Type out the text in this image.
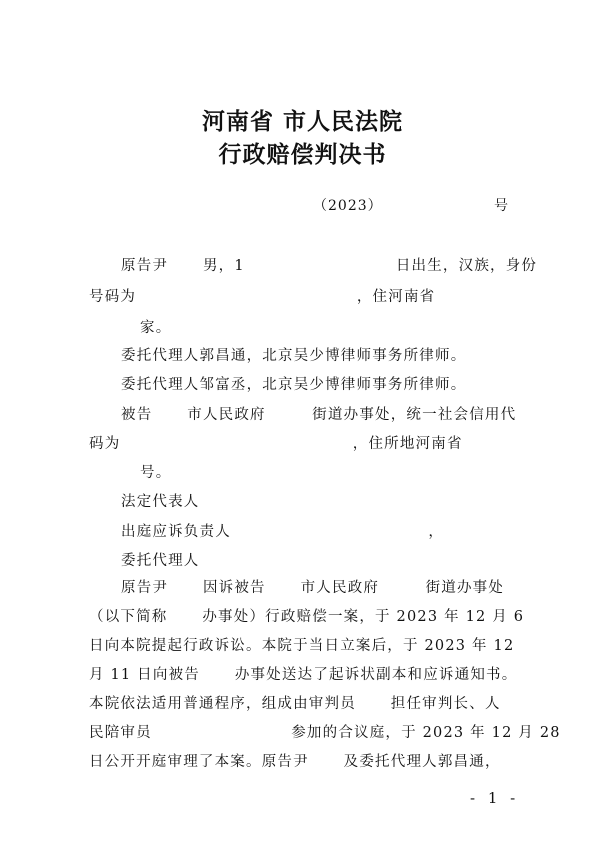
河南省 市人民法院
行政赔偿判决书
（2023）	号
原告尹      男，1                          日出生，汉族，身份
号码为                                      ，住河南省
家。
委托代理人郭昌通，北京吴少博律师事务所律师。
委托代理人邹富丞，北京吴少博律师事务所律师。
被告      市人民政府        街道办事处，统一社会信用代
码为                                        ，住所地河南省
号。
法定代表人
出庭应诉负责人                                  ，
委托代理人
原告尹      因诉被告      市人民政府        街道办事处
（以下简称      办事处）行政赔偿一案，于 2023 年 12 月 6
日向本院提起行政诉讼。本院于当日立案后，于 2023 年 12
月 11 日向被告      办事处送达了起诉状副本和应诉通知书。
本院依法适用普通程序，组成由审判员      担任审判长、人
民陪审员                        参加的合议庭，于 2023 年 12 月 28
日公开开庭审理了本案。原告尹      及委托代理人郭昌通，
- 1 -
